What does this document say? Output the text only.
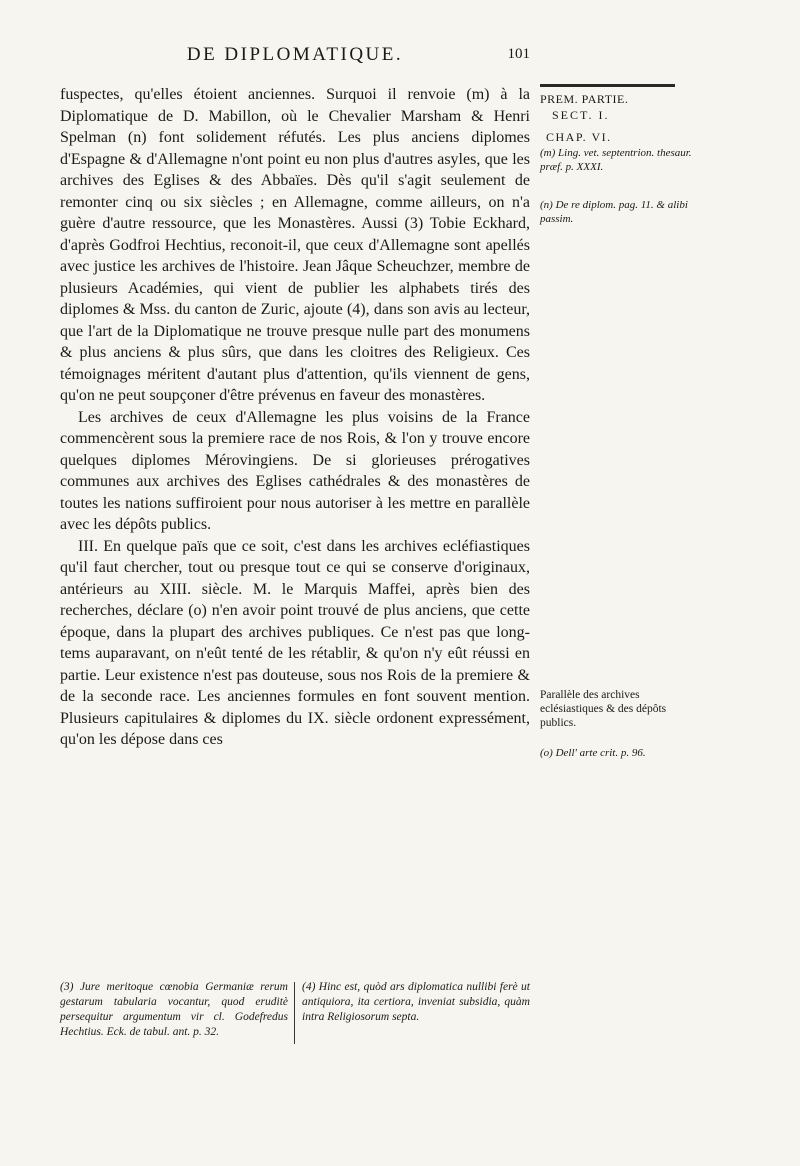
DE DIPLOMATIQUE.	101

fuspectes, qu'elles étoient anciennes. Surquoi il renvoie (m) à la Diplomatique de D. Mabillon, où le Chevalier Marsham & Henri Spelman (n) font solidement réfutés. Les plus anciens diplomes d'Espagne & d'Allemagne n'ont point eu non plus d'autres asyles, que les archives des Eglises & des Abbaïes. Dès qu'il s'agit seulement de remonter cinq ou six siècles ; en Allemagne, comme ailleurs, on n'a guère d'autre ressource, que les Monastères. Aussi (3) Tobie Eckhard, d'après Godfroi Hechtius, reconoit-il, que ceux d'Allemagne sont apellés avec justice les archives de l'histoire. Jean Jâque Scheuchzer, membre de plusieurs Académies, qui vient de publier les alphabets tirés des diplomes & Mss. du canton de Zuric, ajoute (4), dans son avis au lecteur, que l'art de la Diplomatique ne trouve presque nulle part des monumens & plus anciens & plus sûrs, que dans les cloitres des Religieux. Ces témoignages méritent d'autant plus d'attention, qu'ils viennent de gens, qu'on ne peut soupçoner d'être prévenus en faveur des monastères.

Les archives de ceux d'Allemagne les plus voisins de la France commencèrent sous la premiere race de nos Rois, & l'on y trouve encore quelques diplomes Mérovingiens. De si glorieuses prérogatives communes aux archives des Eglises cathédrales & des monastères de toutes les nations suffiroient pour nous autoriser à les mettre en parallèle avec les dépôts publics.

III. En quelque païs que ce soit, c'est dans les archives ecléfiastiques qu'il faut chercher, tout ou presque tout ce qui se conserve d'originaux, antérieurs au XIII. siècle. M. le Marquis Maffei, après bien des recherches, déclare (o) n'en avoir point trouvé de plus anciens, que cette époque, dans la plupart des archives publiques. Ce n'est pas que long-tems auparavant, on n'eût tenté de les rétablir, & qu'on n'y eût réussi en partie. Leur existence n'est pas douteuse, sous nos Rois de la premiere & de la seconde race. Les anciennes formules en font souvent mention. Plusieurs capitulaires & diplomes du IX. siècle ordonent expressément, qu'on les dépose dans ces

PREM. PARTIE.
SECT. I.
CHAP. VI.
(m) Ling. vet. septentrion. thesaur. præf. p. XXXI.
(n) De re diplom. pag. 11. & alibi passim.
Parallèle des archives eclésiastiques & des dépôts publics.
(o) Dell' arte crit. p. 96.
(3) Jure meritoque cœnobia Germaniæ rerum gestarum tabularia vocantur, quod eruditè persequitur argumentum vir cl. Godefredus Hechtius. Eck. de tabul. ant. p. 32.
(4) Hinc est, quòd ars diplomatica nullibi ferè ut antiquiora, ita certiora, inveniat subsidia, quàm intra Religiosorum septa.
